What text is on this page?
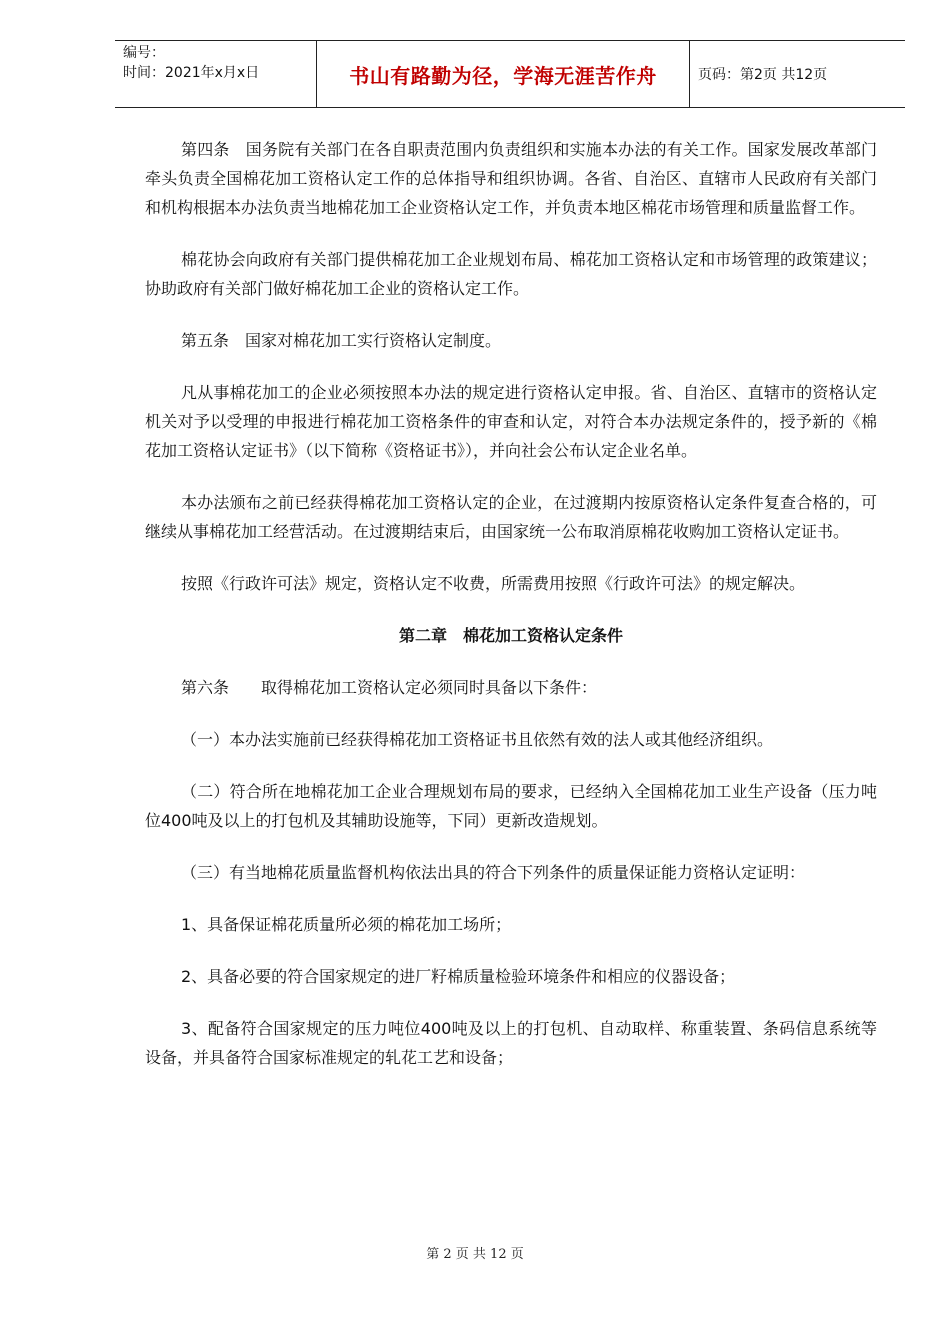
编号：
时间：2021年x月x日	书山有路勤为径，学海无涯苦作舟	页码：第2页 共12页

第四条　国务院有关部门在各自职责范围内负责组织和实施本办法的有关工作。国家发展改革部门牵头负责全国棉花加工资格认定工作的总体指导和组织协调。各省、自治区、直辖市人民政府有关部门和机构根据本办法负责当地棉花加工企业资格认定工作，并负责本地区棉花市场管理和质量监督工作。

棉花协会向政府有关部门提供棉花加工企业规划布局、棉花加工资格认定和市场管理的政策建议；协助政府有关部门做好棉花加工企业的资格认定工作。

第五条　国家对棉花加工实行资格认定制度。

凡从事棉花加工的企业必须按照本办法的规定进行资格认定申报。省、自治区、直辖市的资格认定机关对予以受理的申报进行棉花加工资格条件的审查和认定，对符合本办法规定条件的，授予新的《棉花加工资格认定证书》（以下简称《资格证书》），并向社会公布认定企业名单。

本办法颁布之前已经获得棉花加工资格认定的企业，在过渡期内按原资格认定条件复查合格的，可继续从事棉花加工经营活动。在过渡期结束后，由国家统一公布取消原棉花收购加工资格认定证书。

按照《行政许可法》规定，资格认定不收费，所需费用按照《行政许可法》的规定解决。

第二章　棉花加工资格认定条件

第六条　　取得棉花加工资格认定必须同时具备以下条件：

（一）本办法实施前已经获得棉花加工资格证书且依然有效的法人或其他经济组织。

（二）符合所在地棉花加工企业合理规划布局的要求，已经纳入全国棉花加工业生产设备（压力吨位400吨及以上的打包机及其辅助设施等，下同）更新改造规划。

（三）有当地棉花质量监督机构依法出具的符合下列条件的质量保证能力资格认定证明：

1、具备保证棉花质量所必须的棉花加工场所；

2、具备必要的符合国家规定的进厂籽棉质量检验环境条件和相应的仪器设备；

3、配备符合国家规定的压力吨位400吨及以上的打包机、自动取样、称重装置、条码信息系统等设备，并具备符合国家标准规定的轧花工艺和设备；

第 2 页 共 12 页
